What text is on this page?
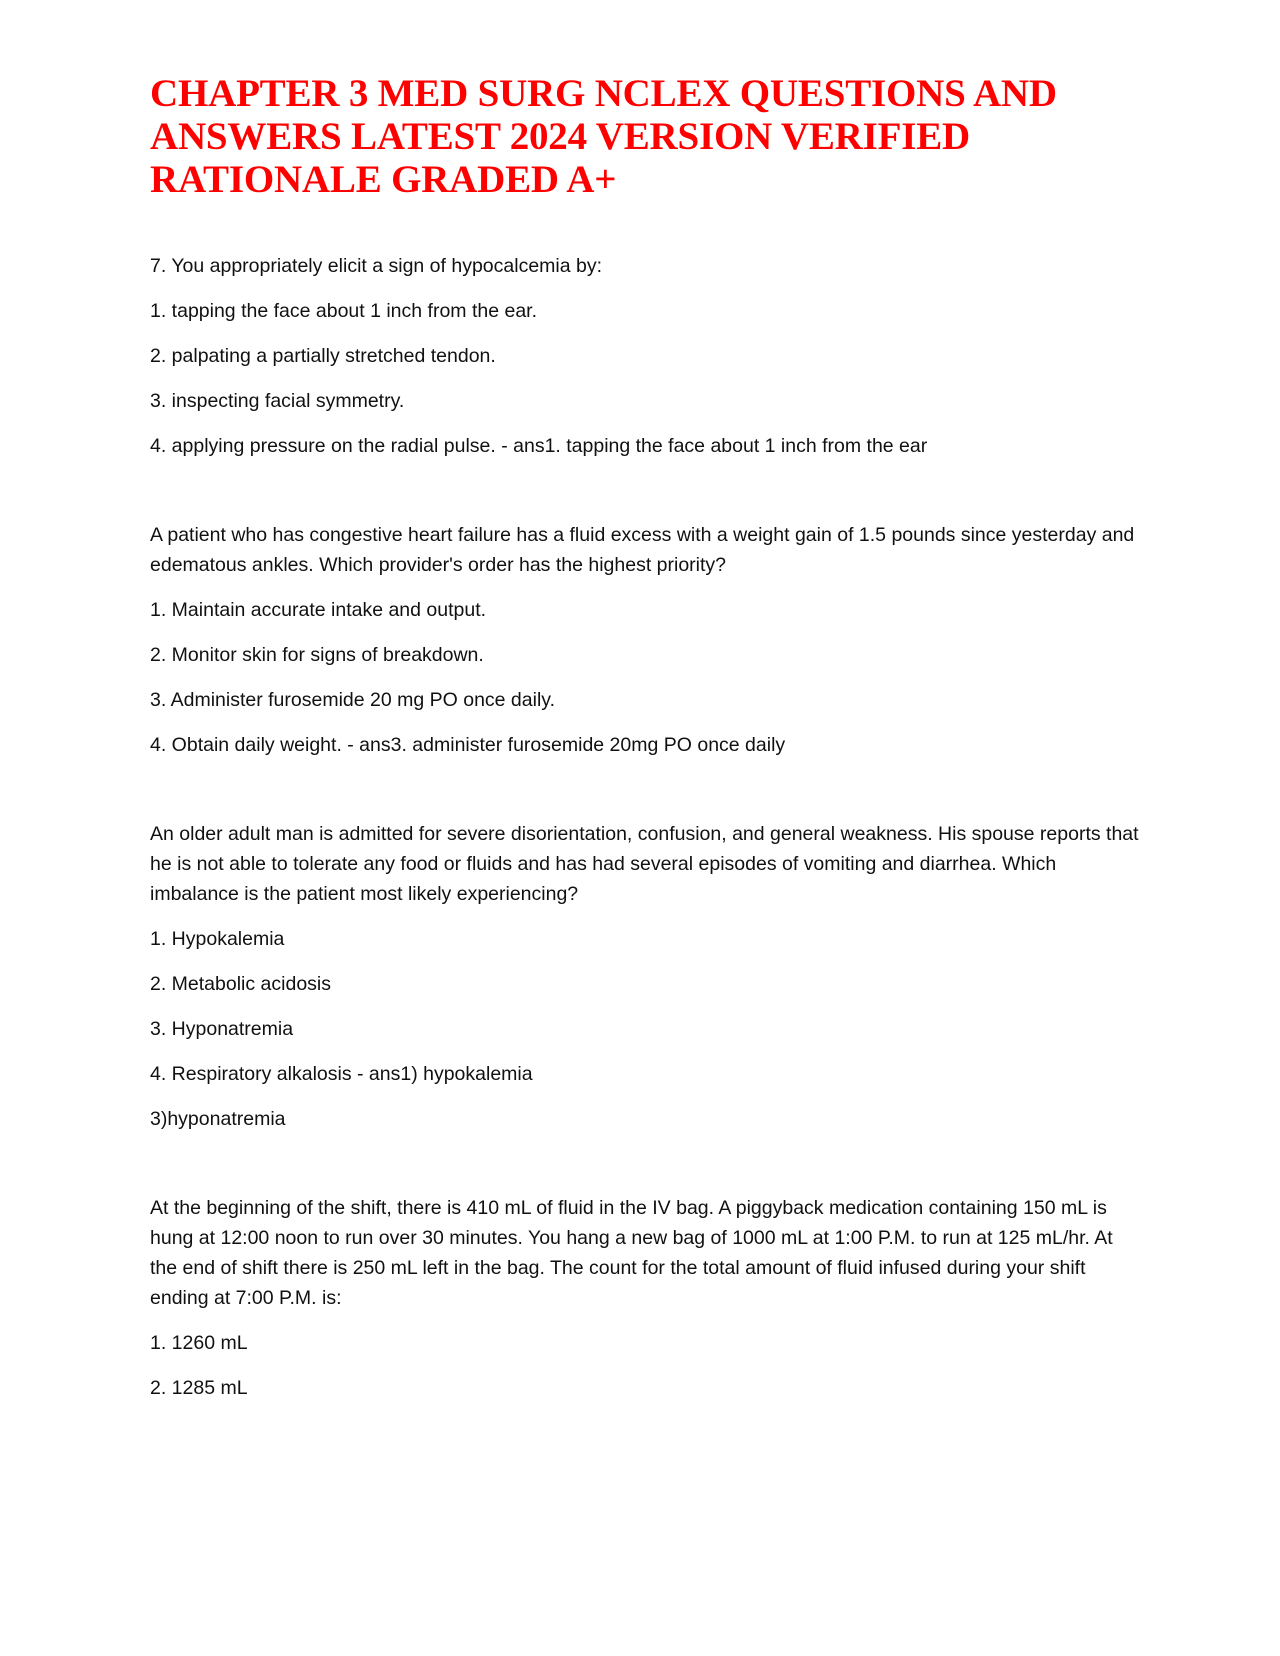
CHAPTER 3 MED SURG NCLEX QUESTIONS AND ANSWERS LATEST 2024 VERSION VERIFIED RATIONALE GRADED A+

7. You appropriately elicit a sign of hypocalcemia by:

1. tapping the face about 1 inch from the ear.

2. palpating a partially stretched tendon.

3. inspecting facial symmetry.

4. applying pressure on the radial pulse. - ans1. tapping the face about 1 inch from the ear

A patient who has congestive heart failure has a fluid excess with a weight gain of 1.5 pounds since yesterday and edematous ankles. Which provider's order has the highest priority?

1. Maintain accurate intake and output.

2. Monitor skin for signs of breakdown.

3. Administer furosemide 20 mg PO once daily.

4. Obtain daily weight. - ans3. administer furosemide 20mg PO once daily

An older adult man is admitted for severe disorientation, confusion, and general weakness. His spouse reports that he is not able to tolerate any food or fluids and has had several episodes of vomiting and diarrhea. Which imbalance is the patient most likely experiencing?

1. Hypokalemia

2. Metabolic acidosis

3. Hyponatremia

4. Respiratory alkalosis - ans1) hypokalemia

3)hyponatremia

At the beginning of the shift, there is 410 mL of fluid in the IV bag. A piggyback medication containing 150 mL is hung at 12:00 noon to run over 30 minutes. You hang a new bag of 1000 mL at 1:00 P.M. to run at 125 mL/hr. At the end of shift there is 250 mL left in the bag. The count for the total amount of fluid infused during your shift ending at 7:00 P.M. is:

1. 1260 mL

2. 1285 mL
